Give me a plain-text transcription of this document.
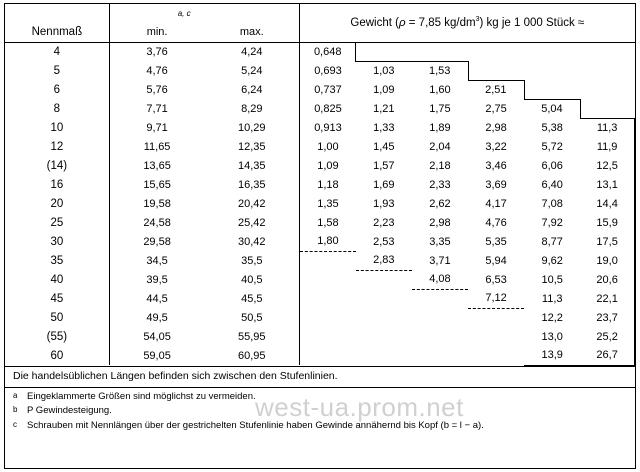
	a, c		Gewicht (ρ = 7,85 $kg/dm^3$) kg je 1 000 Stück ≈					
Nennmaß	min.	max.						
4	3,76	4,24	0,648					
5	4,76	5,24	0,693	1,03	1,53			
6	5,76	6,24	0,737	1,09	1,60	2,51		
8	7,71	8,29	0,825	1,21	1,75	2,75	5,04	
10	9,71	10,29	0,913	1,33	1,89	2,98	5,38	11,3
12	11,65	12,35	1,00	1,45	2,04	3,22	5,72	11,9
(14)	13,65	14,35	1,09	1,57	2,18	3,46	6,06	12,5
16	15,65	16,35	1,18	1,69	2,33	3,69	6,40	13,1
20	19,58	20,42	1,35	1,93	2,62	4,17	7,08	14,4
25	24,58	25,42	1,58	2,23	2,98	4,76	7,92	15,9
30	29,58	30,42	1,80	2,53	3,35	5,35	8,77	17,5
35	34,5	35,5		2,83	3,71	5,94	9,62	19,0
40	39,5	40,5			4,08	6,53	10,5	20,6
45	44,5	45,5				7,12	11,3	22,1
50	49,5	50,5					12,2	23,7
(55)	54,05	55,95					13,0	25,2
60	59,05	60,95					13,9	26,7
Die handelsüblichen Längen befinden sich zwischen den Stufenlinien.
a Eingeklammerte Größen sind möglichst zu vermeiden.
b P Gewindesteigung.
c Schrauben mit Nennlängen über der gestrichelten Stufenlinie haben Gewinde annähernd bis Kopf (b = l − a).
west-ua.prom.net
